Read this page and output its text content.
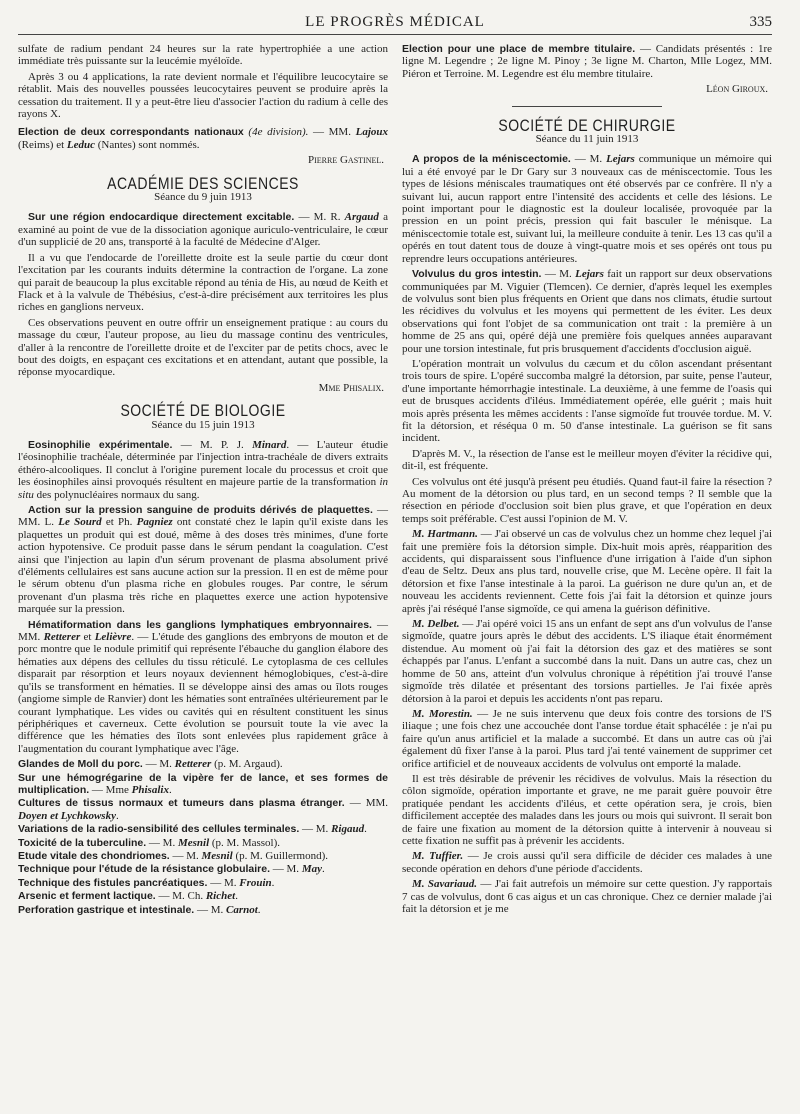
LE PROGRÈS MÉDICAL	335

sulfate de radium pendant 24 heures sur la rate hypertrophiée a une action immédiate très puissante sur la leucémie myéloïde.

Après 3 ou 4 applications, la rate devient normale et l'équilibre leucocytaire se rétablit. Mais des nouvelles poussées leucocytaires peuvent se produire après la cessation du traitement. Il y a peut-être lieu d'associer l'action du radium à celle des rayons X.

Election de deux correspondants nationaux (4e division). — MM. Lajoux (Reims) et Leduc (Nantes) sont nommés.

Pierre Gastinel.
ACADÉMIE DES SCIENCES
Séance du 9 juin 1913

Sur une région endocardique directement excitable. — M. R. Argaud a examiné au point de vue de la dissociation agonique auriculo-ventriculaire, le cœur d'un supplicié de 20 ans, transporté à la faculté de Médecine d'Alger.

Il a vu que l'endocarde de l'oreillette droite est la seule partie du cœur dont l'excitation par les courants induits détermine la contraction de l'organe. La zone qui parait de beaucoup la plus excitable répond au ténia de His, au nœud de Keith et Flack et à la valvule de Thébésius, c'est-à-dire précisément aux territoires les plus riches en ganglions nerveux.

Ces observations peuvent en outre offrir un enseignement pratique : au cours du massage du cœur, l'auteur propose, au lieu du massage continu des ventricules, d'aller à la rencontre de l'oreillette droite et de l'exciter par de petits chocs, avec le bout des doigts, en espaçant ces excitations et en attendant, autant que possible, la réponse myocardique.

Mme Phisalix.
SOCIÉTÉ DE BIOLOGIE
Séance du 15 juin 1913

Eosinophilie expérimentale. — M. P. J. Minard. — L'auteur étudie l'éosinophilie trachéale, déterminée par l'injection intra-trachéale de divers extraits éthéro-alcooliques. Il conclut à l'origine purement locale du processus et croit que les éosinophiles ainsi provoqués résultent en majeure partie de la transformation in situ des polynucléaires normaux du sang.

Action sur la pression sanguine de produits dérivés de plaquettes. — MM. L. Le Sourd et Ph. Pagniez ont constaté chez le lapin qu'il existe dans les plaquettes un produit qui est doué, même à des doses très minimes, d'une forte action hypotensive. Ce produit passe dans le sérum pendant la coagulation. C'est ainsi que l'injection au lapin d'un sérum provenant de plasma absolument privé d'éléments cellulaires est sans aucune action sur la pression. Il en est de même pour le sérum obtenu d'un plasma riche en globules rouges. Par contre, le sérum provenant d'un plasma très riche en plaquettes exerce une action hypotensive marquée sur la pression.

Hématiformation dans les ganglions lymphatiques embryonnaires. — MM. Retterer et Lelièvre. — L'étude des ganglions des embryons de mouton et de porc montre que le nodule primitif qui représente l'ébauche du ganglion élabore des hématies aux dépens des cellules du tissu réticulé. Le cytoplasma de ces cellules disparait par résorption et leurs noyaux deviennent hémoglobiques, c'est-à-dire qu'ils se transforment en hématies. Il se développe ainsi des amas ou îlots rouges (angiome simple de Ranvier) dont les hématies sont entraînées ultérieurement par le courant lymphatique. Les vides ou cavités qui en résultent constituent les sinus périphériques et caverneux. Cette évolution se poursuit toute la vie avec la différence que les hématies des îlots sont enlevées plus rapidement grâce à l'augmentation du courant lymphatique avec l'âge.

Glandes de Moll du porc. — M. Retterer (p. M. Argaud).

Sur une hémogrégarine de la vipère fer de lance, et ses formes de multiplication. — Mme Phisalix.

Cultures de tissus normaux et tumeurs dans plasma étranger. — MM. Doyen et Lychkowsky.

Variations de la radio-sensibilité des cellules terminales. — M. Rigaud.

Toxicité de la tuberculine. — M. Mesnil (p. M. Massol).

Etude vitale des chondriomes. — M. Mesnil (p. M. Guillermond).

Technique pour l'étude de la résistance globulaire. — M. May.

Technique des fistules pancréatiques. — M. Frouin.

Arsenic et ferment lactique. — M. Ch. Richet.

Perforation gastrique et intestinale. — M. Carnot.

Election pour une place de membre titulaire. — Candidats présentés : 1re ligne M. Legendre ; 2e ligne M. Pinoy ; 3e ligne M. Charton, Mlle Logez, MM. Piéron et Terroine. M. Legendre est élu membre titulaire.

Léon Giroux.
SOCIÉTÉ DE CHIRURGIE
Séance du 11 juin 1913

A propos de la méniscectomie. — M. Lejars communique un mémoire qui lui a été envoyé par le Dr Gary sur 3 nouveaux cas de méniscectomie. Tous les types de lésions méniscales traumatiques ont été observés par ce confrère. Il n'y a suivant lui, aucun rapport entre l'intensité des accidents et celle des lésions. Le point important pour le diagnostic est la douleur localisée, provoquée par la pression en un point précis, pression qui fait basculer le ménisque. La méniscectomie totale est, suivant lui, la meilleure conduite à tenir. Les 13 cas qu'il a opérés en tout datent tous de douze à vingt-quatre mois et ses opérés ont tous pu reprendre leurs occupations antérieures.

Volvulus du gros intestin. — M. Lejars fait un rapport sur deux observations communiquées par M. Viguier (Tlemcen). Ce dernier, d'après lequel les exemples de volvulus sont bien plus fréquents en Orient que dans nos climats, étudie surtout les récidives du volvulus et les moyens qui permettent de les éviter. Les deux observations qui font l'objet de sa communication ont trait : la première à un homme de 25 ans qui, opéré déjà une première fois quelques années auparavant pour une torsion intestinale, fut pris brusquement d'accidents d'occlusion aiguë.

L'opération montrait un volvulus du cæcum et du côlon ascendant présentant trois tours de spire. L'opéré succomba malgré la détorsion, par suite, pense l'auteur, d'une importante hémorrhagie intestinale. La deuxième, à une femme de l'oasis qui eut de brusques accidents d'iléus. Immédiatement opérée, elle guérit ; mais huit mois après présenta les mêmes accidents : l'anse sigmoïde fut trouvée tordue. M. V. fit la détorsion, et réséqua 0 m. 50 d'anse intestinale. La guérison se fit sans incident.

D'après M. V., la résection de l'anse est le meilleur moyen d'éviter la récidive qui, dit-il, est fréquente.

Ces volvulus ont été jusqu'à présent peu étudiés. Quand faut-il faire la résection ? Au moment de la détorsion ou plus tard, en un second temps ? Il semble que la résection en période d'occlusion soit bien plus grave, et que l'opération en deux temps soit préférable. C'est aussi l'opinion de M. V.

M. Hartmann. — J'ai observé un cas de volvulus chez un homme chez lequel j'ai fait une première fois la détorsion simple. Dix-huit mois après, réapparition des accidents, qui disparaissent sous l'influence d'une irrigation à l'aide d'un siphon d'eau de Seltz. Deux ans plus tard, nouvelle crise, que M. Lecène opère. Il fait la détorsion et fixe l'anse intestinale à la paroi. La guérison ne dure qu'un an, et de nouveau les accidents reviennent. Cette fois j'ai fait la détorsion et quinze jours après j'ai réséqué l'anse sigmoïde, ce qui amena la guérison définitive.

M. Delbet. — J'ai opéré voici 15 ans un enfant de sept ans d'un volvulus de l'anse sigmoïde, quatre jours après le début des accidents. L'S iliaque était énormément distendue. Au moment où j'ai fait la détorsion des gaz et des matières se sont échappés par l'anus. L'enfant a succombé dans la nuit. Dans un autre cas, chez un homme de 50 ans, atteint d'un volvulus chronique à répétition j'ai trouvé l'anse sigmoïde très dilatée et présentant des torsions partielles. Je l'ai fixée après détorsion à la paroi et depuis les accidents n'ont pas reparu.

M. Morestin. — Je ne suis intervenu que deux fois contre des torsions de l'S iliaque ; une fois chez une accouchée dont l'anse tordue était sphacélée : je n'ai pu faire qu'un anus artificiel et la malade a succombé. Et dans un autre cas où j'ai également dû fixer l'anse à la paroi. Plus tard j'ai tenté vainement de supprimer cet orifice artificiel et de nouveaux accidents de volvulus ont emporté la malade.

Il est très désirable de prévenir les récidives de volvulus. Mais la résection du côlon sigmoïde, opération importante et grave, ne me parait guère pouvoir être pratiquée pendant les accidents d'iléus, et cette opération sera, je crois, bien difficilement acceptée des malades dans les jours ou mois qui suivront. Il serait bon de faire une fixation au moment de la détorsion quitte à intervenir à nouveau si cette fixation ne suffit pas à prévenir les accidents.

M. Tuffier. — Je crois aussi qu'il sera difficile de décider ces malades à une seconde opération en dehors d'une période d'accidents.

M. Savariaud. — J'ai fait autrefois un mémoire sur cette question. J'y rapportais 7 cas de volvulus, dont 6 cas aigus et un cas chronique. Chez ce dernier malade j'ai fait la détorsion et je me
